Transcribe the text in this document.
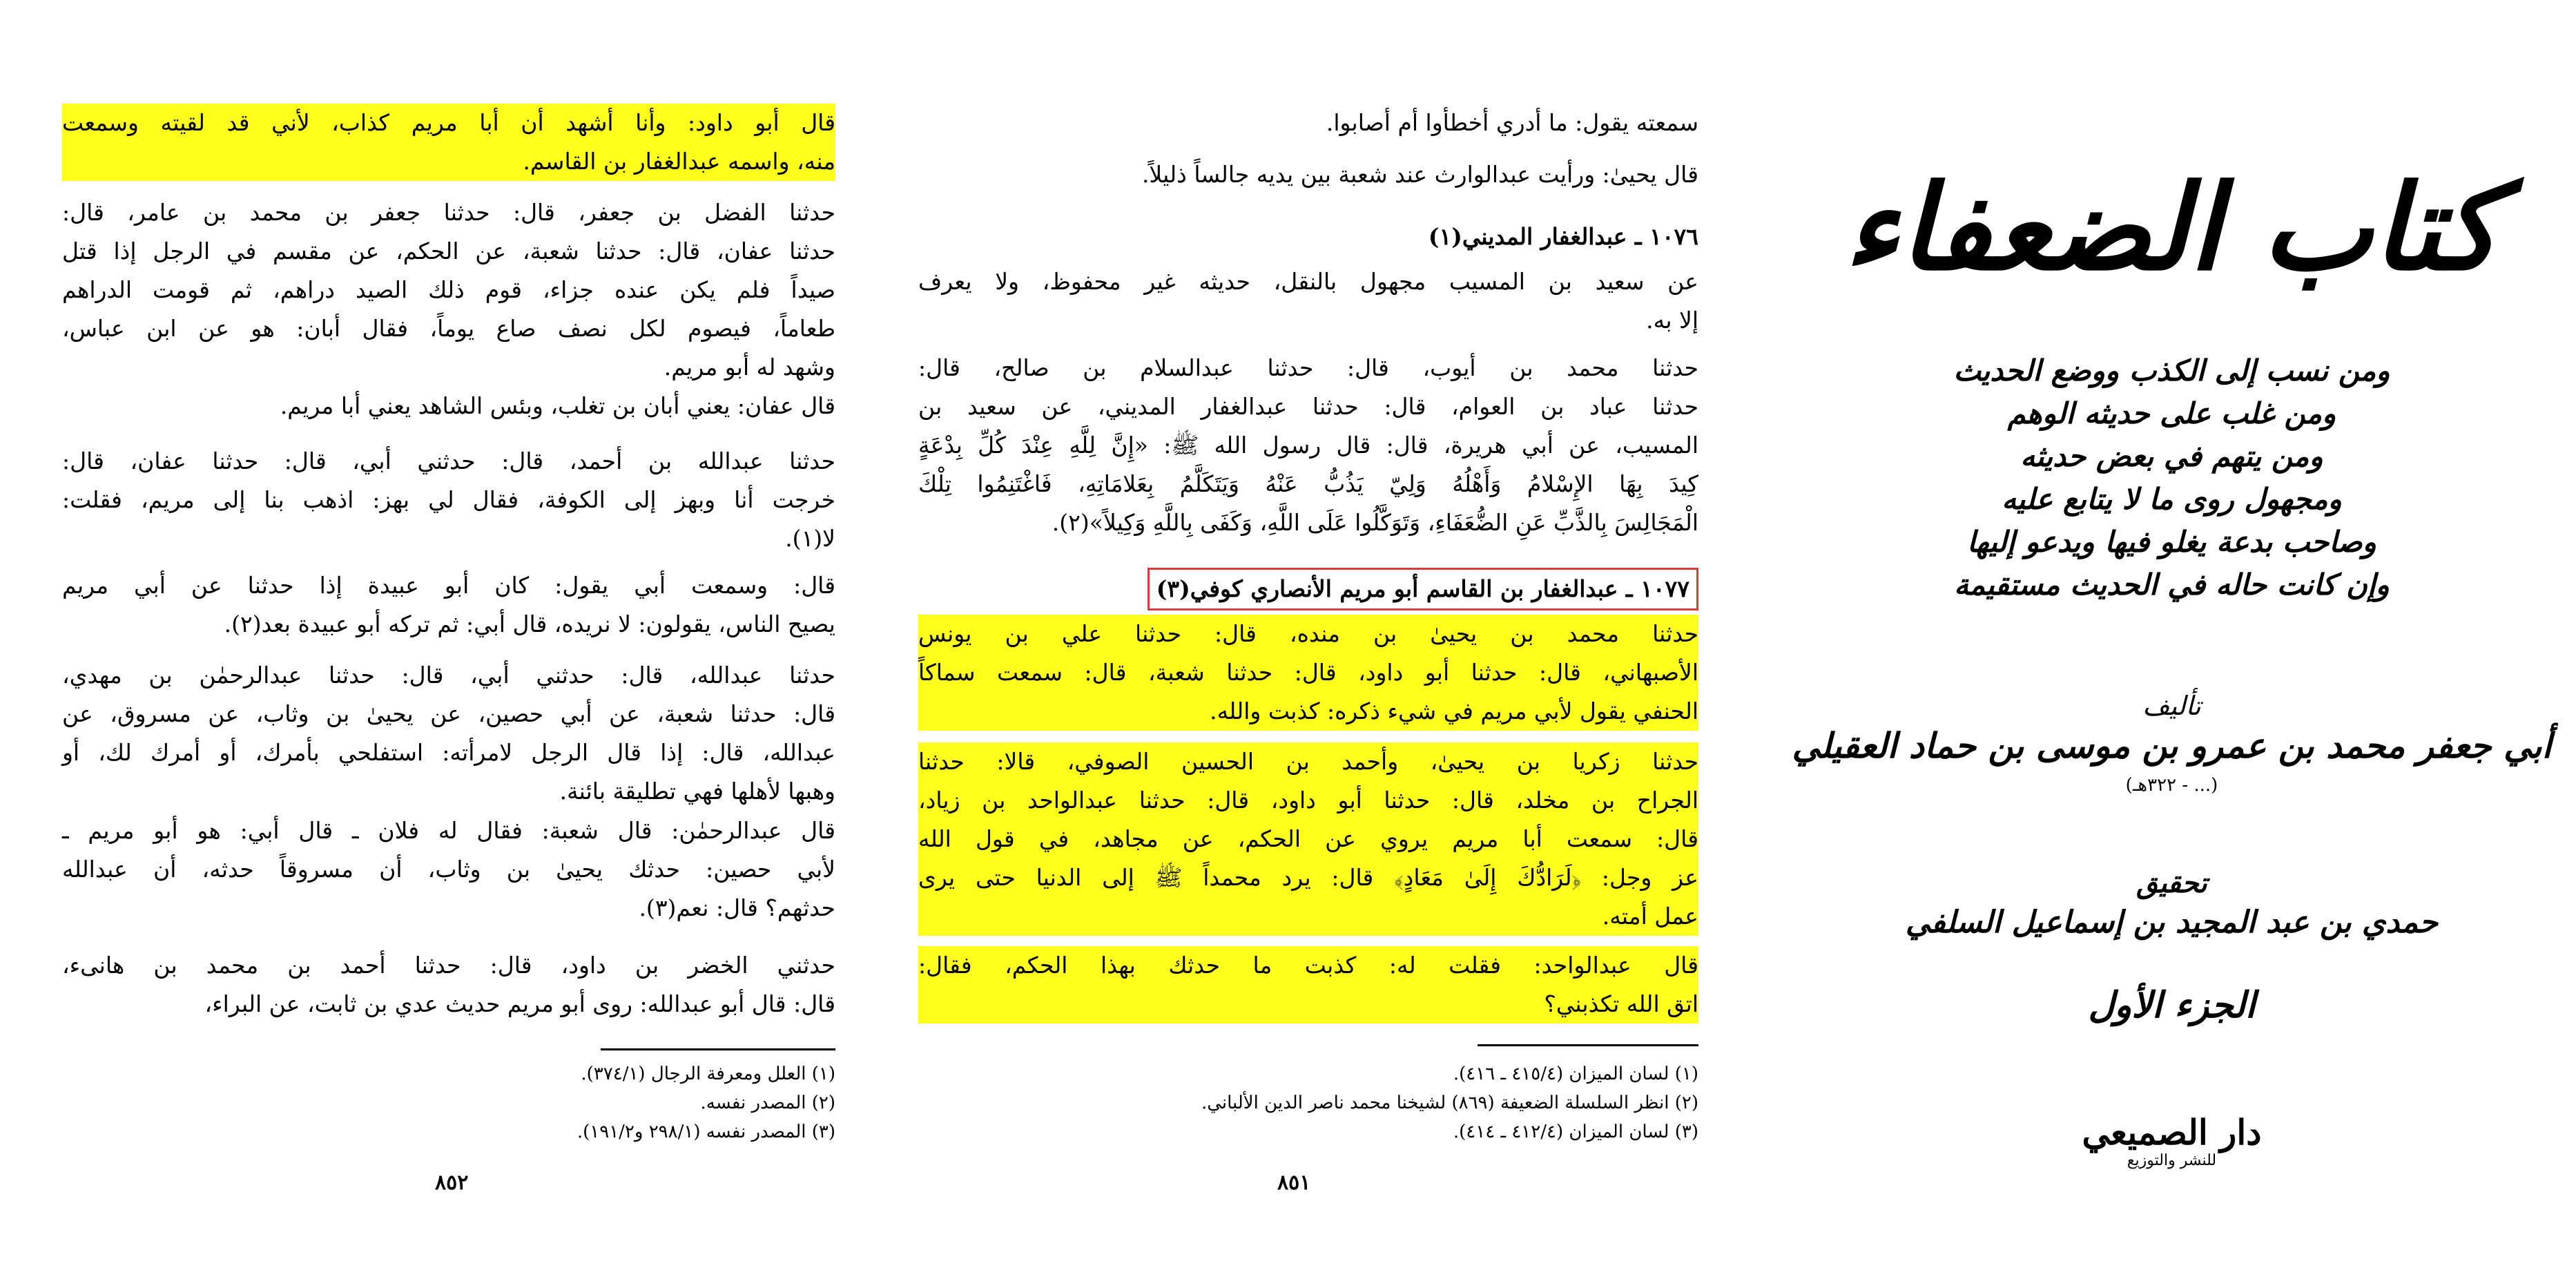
قال أبو داود: وأنا أشهد أن أبا مريم كذاب، لأني قد لقيته وسمعت
منه، واسمه عبدالغفار بن القاسم.
حدثنا الفضل بن جعفر، قال: حدثنا جعفر بن محمد بن عامر، قال:
حدثنا عفان، قال: حدثنا شعبة، عن الحكم، عن مقسم في الرجل إذا قتل
صيداً فلم يكن عنده جزاء، قوم ذلك الصيد دراهم، ثم قومت الدراهم
طعاماً، فيصوم لكل نصف صاع يوماً، فقال أبان: هو عن ابن عباس،
وشهد له أبو مريم.
قال عفان: يعني أبان بن تغلب، وبئس الشاهد يعني أبا مريم.
حدثنا عبدالله بن أحمد، قال: حدثني أبي، قال: حدثنا عفان، قال:
خرجت أنا وبهز إلى الكوفة، فقال لي بهز: اذهب بنا إلى مريم، فقلت:
لا(١).
قال: وسمعت أبي يقول: كان أبو عبيدة إذا حدثنا عن أبي مريم
يصيح الناس، يقولون: لا نريده، قال أبي: ثم تركه أبو عبيدة بعد(٢).
حدثنا عبدالله، قال: حدثني أبي، قال: حدثنا عبدالرحمٰن بن مهدي،
قال: حدثنا شعبة، عن أبي حصين، عن يحيىٰ بن وثاب، عن مسروق، عن
عبدالله، قال: إذا قال الرجل لامرأته: استفلحي بأمرك، أو أمرك لك، أو
وهبها لأهلها فهي تطليقة بائنة.
قال عبدالرحمٰن: قال شعبة: فقال له فلان ـ قال أبي: هو أبو مريم ـ
لأبي حصين: حدثك يحيىٰ بن وثاب، أن مسروقاً حدثه، أن عبدالله
حدثهم؟ قال: نعم(٣).
حدثني الخضر بن داود، قال: حدثنا أحمد بن محمد بن هانىء،
قال: قال أبو عبدالله: روى أبو مريم حديث عدي بن ثابت، عن البراء،
(١) العلل ومعرفة الرجال (٣٧٤/١).
(٢) المصدر نفسه.
(٣) المصدر نفسه (٢٩٨/١ و١٩١/٢).
٨٥٢
سمعته يقول: ما أدري أخطأوا أم أصابوا.
قال يحيىٰ: ورأيت عبدالوارث عند شعبة بين يديه جالساً ذليلاً.
١٠٧٦ ـ عبدالغفار المديني(١)
عن سعيد بن المسيب مجهول بالنقل، حديثه غير محفوظ، ولا يعرف
إلا به.
حدثنا محمد بن أيوب، قال: حدثنا عبدالسلام بن صالح، قال:
حدثنا عباد بن العوام، قال: حدثنا عبدالغفار المديني، عن سعيد بن
المسيب، عن أبي هريرة، قال: قال رسول الله ﷺ: «إِنَّ لِلَّهِ عِنْدَ كُلِّ بِدْعَةٍ
كِيدَ بِهَا الإِسْلامُ وَأَهْلُهُ وَلِيّ يَذُبُّ عَنْهُ وَيَتَكَلَّمُ بِعَلامَاتِهِ، فَاغْتَنِمُوا تِلْكَ
الْمَجَالِسَ بِالذَّبِّ عَنِ الضُّعَفَاءِ، وَتَوَكَّلُوا عَلَى اللَّهِ، وَكَفَى بِاللَّهِ وَكِيلاً»(٢).
١٠٧٧ ـ عبدالغفار بن القاسم أبو مريم الأنصاري كوفي(٣)
حدثنا محمد بن يحيىٰ بن منده، قال: حدثنا علي بن يونس
الأصبهاني، قال: حدثنا أبو داود، قال: حدثنا شعبة، قال: سمعت سماكاً
الحنفي يقول لأبي مريم في شيء ذكره: كذبت والله.
حدثنا زكريا بن يحيىٰ، وأحمد بن الحسين الصوفي، قالا: حدثنا
الجراح بن مخلد، قال: حدثنا أبو داود، قال: حدثنا عبدالواحد بن زياد،
قال: سمعت أبا مريم يروي عن الحكم، عن مجاهد، في قول الله
عز وجل: ﴿لَرَادُّكَ إِلَىٰ مَعَادٍ﴾ قال: يرد محمداً ﷺ إلى الدنيا حتى يرى
عمل أمته.
قال عبدالواحد: فقلت له: كذبت ما حدثك بهذا الحكم، فقال:
اتق الله تكذبني؟
(١) لسان الميزان (٤١٥/٤ ـ ٤١٦).
(٢) انظر السلسلة الضعيفة (٨٦٩) لشيخنا محمد ناصر الدين الألباني.
(٣) لسان الميزان (٤١٢/٤ ـ ٤١٤).
٨٥١
كتاب الضعفاء
ومن نسب إلى الكذب ووضع الحديث
ومن غلب على حديثه الوهم
ومن يتهم في بعض حديثه
ومجهول روى ما لا يتابع عليه
وصاحب بدعة يغلو فيها ويدعو إليها
وإن كانت حاله في الحديث مستقيمة
تأليف
أبي جعفر محمد بن عمرو بن موسى بن حماد العقيلي
(... - ٣٢٢هـ)
تحقيق
حمدي بن عبد المجيد بن إسماعيل السلفي
الجزء الأول
دار الصميعي
للنشر والتوزيع
